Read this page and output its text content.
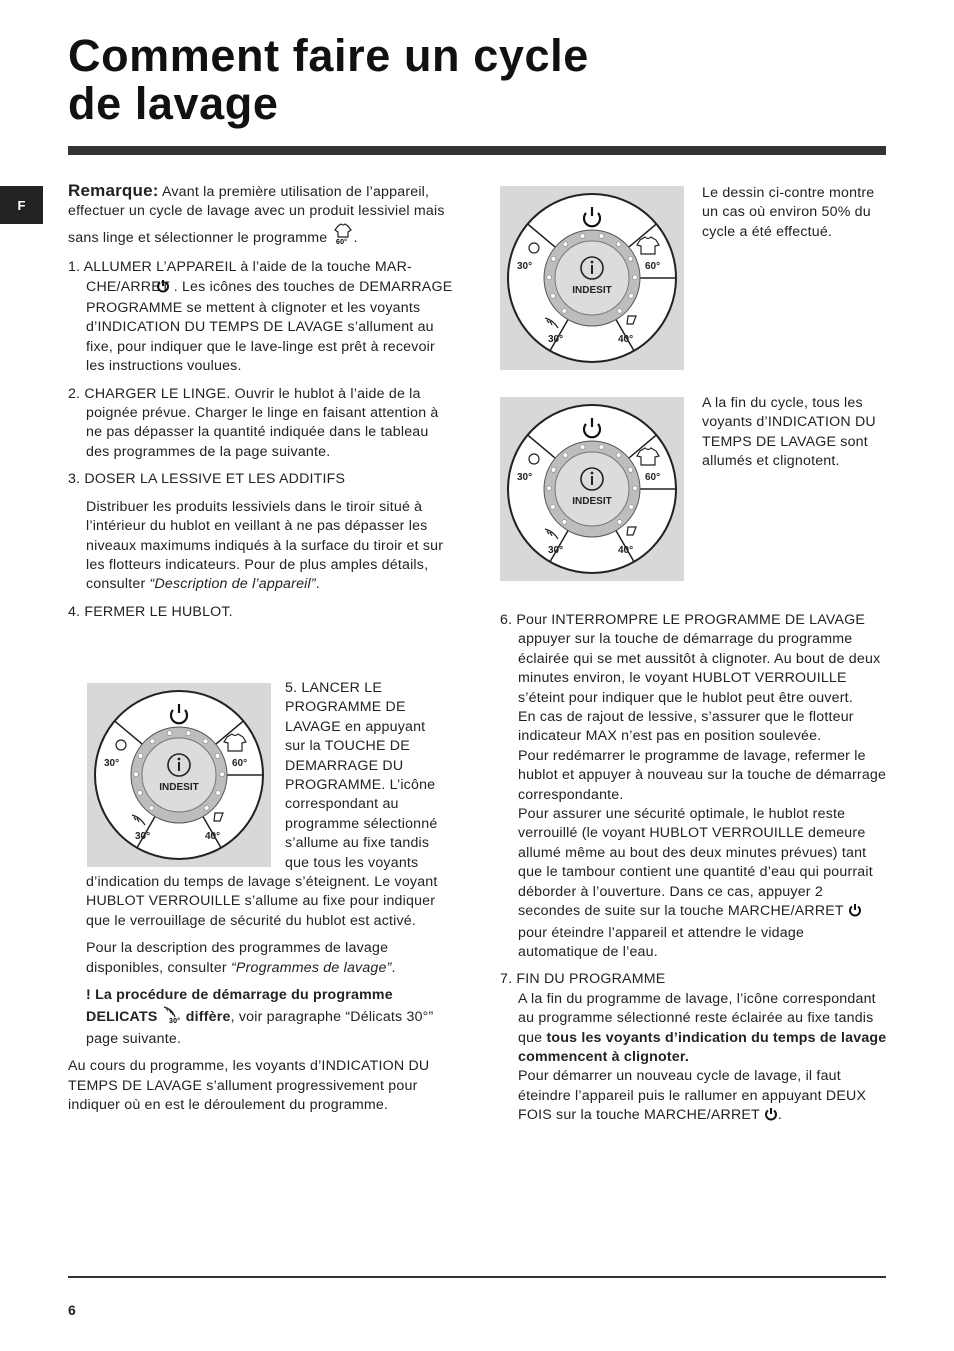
Comment faire un cycle
de lavage
F

Remarque: Avant la première utilisation de l’appareil, effectuer un cycle de lavage avec un produit lessiviel mais sans linge et sélectionner le programme 60° .

1. ALLUMER L’APPAREIL à l’aide de la touche MAR-CHE/ARRET . Les icônes des touches de DEMARRAGE PROGRAMME se mettent à clignoter et les voyants d’INDICATION DU TEMPS DE LAVAGE s’allument au fixe, pour indiquer que le lave-linge est prêt à recevoir les instructions voulues.

2. CHARGER LE LINGE. Ouvrir le hublot à l’aide de la poignée prévue. Charger le linge en faisant attention à ne pas dépasser la quantité indiquée dans le tableau des programmes de la page suivante.

3. DOSER LA LESSIVE ET LES ADDITIFS

Distribuer les produits lessiviels dans le tiroir situé à l’intérieur du hublot en veillant à ne pas dépasser les niveaux maximums indiqués à la surface du tiroir et sur les flotteurs indicateurs. Pour de plus amples détails, consulter “Description de l’appareil”.

4. FERMER LE HUBLOT.

INDESIT
30°	60°
30°	40°
5. LANCER LE
PROGRAMME DE
LAVAGE en appuyant
sur la TOUCHE DE
DEMARRAGE DU
PROGRAMME. L’icône
correspondant au
programme sélectionné
s’allume au fixe tandis
que tous les voyants

d’indication du temps de lavage s’éteignent. Le voyant HUBLOT VERROUILLE s’allume au fixe pour indiquer que le verrouillage de sécurité du hublot est activé.

Pour la description des programmes de lavage disponibles, consulter “Programmes de lavage”.

! La procédure de démarrage du programme DELICATS 30° diffère, voir paragraphe “Délicats 30°” page suivante.

Au cours du programme, les voyants d’INDICATION DU TEMPS DE LAVAGE s’allument progressivement pour indiquer où en est le déroulement du programme.

INDESIT
30°	60°
30°	40°
Le dessin ci-contre montre un cas où environ 50% du cycle a été effectué.
INDESIT
30°	60°
30°	40°
A la fin du cycle, tous les voyants d’INDICATION DU TEMPS DE LAVAGE sont allumés et clignotent.

6. Pour INTERROMPRE LE PROGRAMME DE LAVAGE appuyer sur la touche de démarrage du programme éclairée qui se met aussitôt à clignoter. Au bout de deux minutes environ, le voyant HUBLOT VERROUILLE s’éteint pour indiquer que le hublot peut être ouvert.

En cas de rajout de lessive, s’assurer que le flotteur indicateur MAX n’est pas en position soulevée.

Pour redémarrer le programme de lavage, refermer le hublot et appuyer à nouveau sur la touche de démarrage correspondante.

Pour assurer une sécurité optimale, le hublot reste verrouillé (le voyant HUBLOT VERROUILLE demeure allumé même au bout des deux minutes prévues) tant que le tambour contient une quantité d’eau qui pourrait déborder à l’ouverture. Dans ce cas, appuyer 2 secondes de suite sur la touche MARCHE/ARRET  pour éteindre l’appareil et attendre le vidage automatique de l’eau.

7. FIN DU PROGRAMME

A la fin du programme de lavage, l’icône correspondant au programme sélectionné reste éclairée au fixe tandis que tous les voyants d’indication du temps de lavage commencent à clignoter.

Pour démarrer un nouveau cycle de lavage, il faut éteindre l’appareil puis le rallumer en appuyant DEUX FOIS sur la touche MARCHE/ARRET .

6
